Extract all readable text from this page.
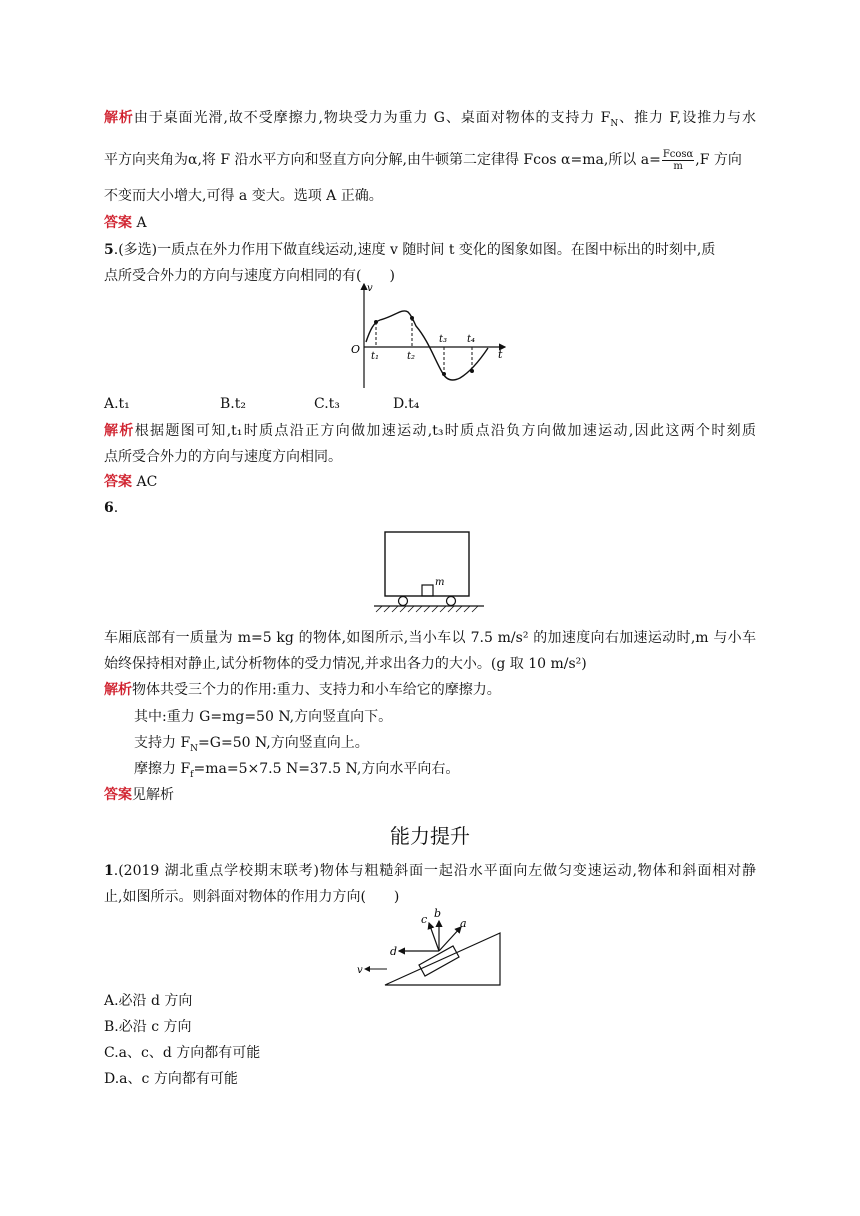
解析由于桌面光滑,故不受摩擦力,物块受力为重力 G、桌面对物体的支持力 $F_N$、推力 F,设推力与水
平方向夹角为α,将 F 沿水平方向和竖直方向分解,由牛顿第二定律得 Fcos α=ma,所以 $a= \frac{Fcos\alpha}{m} ,F$ 方向
不变而大小增大,可得 a 变大。选项 A 正确。
答案 A
5.(多选)一质点在外力作用下做直线运动,速度 v 随时间 t 变化的图象如图。在图中标出的时刻中,质
点所受合外力的方向与速度方向相同的有(　　)
v
O	t
t₁	t₂
t₃ t₄
A.t₁	B.t₂	C.t₃	D.t₄
解析根据题图可知,t₁时质点沿正方向做加速运动,t₃时质点沿负方向做加速运动,因此这两个时刻质
点所受合外力的方向与速度方向相同。
答案 AC
6.
m
车厢底部有一质量为 m=5 kg 的物体,如图所示,当小车以 7.5 m/s² 的加速度向右加速运动时,m 与小车
始终保持相对静止,试分析物体的受力情况,并求出各力的大小。(g 取 10 m/s²)
解析物体共受三个力的作用:重力、支持力和小车给它的摩擦力。
其中:重力 G=mg=50 N,方向竖直向下。
支持力 $F_N=G=50$ N,方向竖直向上。
摩擦力 $F_f=ma=5\times 7.5$ N=37.5 N,方向水平向右。
答案见解析
能力提升
1.(2019 湖北重点学校期末联考)物体与粗糙斜面一起沿水平面向左做匀变速运动,物体和斜面相对静
止,如图所示。则斜面对物体的作用力方向(　　)
a
b
c
d
v
A.必沿 d 方向
B.必沿 c 方向
C.a、c、d 方向都有可能
D.a、c 方向都有可能
